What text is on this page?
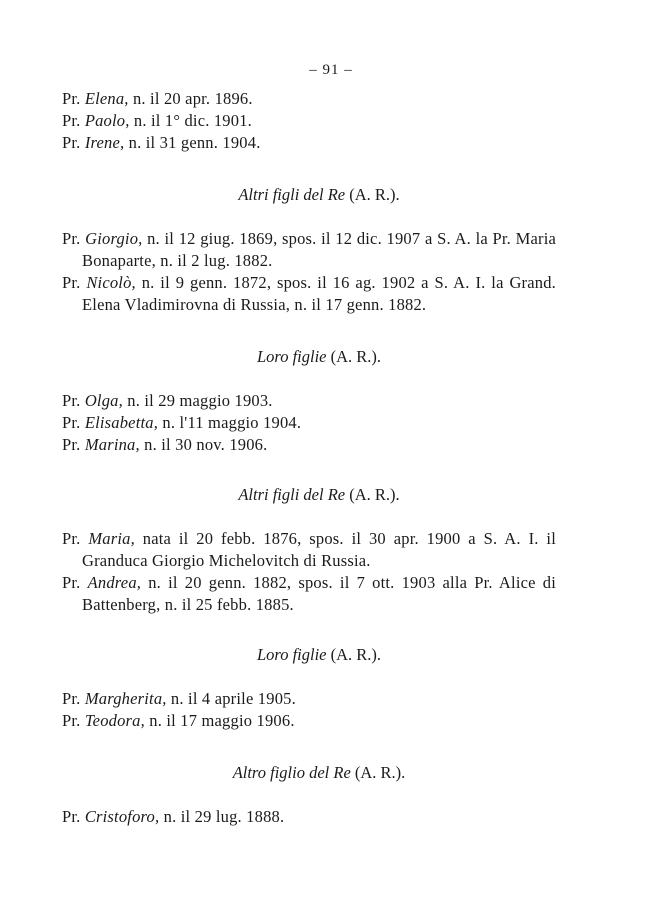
– 91 –
Pr. Elena, n. il 20 apr. 1896.
Pr. Paolo, n. il 1° dic. 1901.
Pr. Irene, n. il 31 genn. 1904.
Altri figli del Re (A. R.).
Pr. Giorgio, n. il 12 giug. 1869, spos. il 12 dic. 1907 a S. A. la Pr. Maria Bonaparte, n. il 2 lug. 1882.
Pr. Nicolò, n. il 9 genn. 1872, spos. il 16 ag. 1902 a S. A. I. la Grand. Elena Vladimirovna di Russia, n. il 17 genn. 1882.
Loro figlie (A. R.).
Pr. Olga, n. il 29 maggio 1903.
Pr. Elisabetta, n. l'11 maggio 1904.
Pr. Marina, n. il 30 nov. 1906.
Altri figli del Re (A. R.).
Pr. Maria, nata il 20 febb. 1876, spos. il 30 apr. 1900 a S. A. I. il Granduca Giorgio Michelovitch di Russia.
Pr. Andrea, n. il 20 genn. 1882, spos. il 7 ott. 1903 alla Pr. Alice di Battenberg, n. il 25 febb. 1885.
Loro figlie (A. R.).
Pr. Margherita, n. il 4 aprile 1905.
Pr. Teodora, n. il 17 maggio 1906.
Altro figlio del Re (A. R.).
Pr. Cristoforo, n. il 29 lug. 1888.
